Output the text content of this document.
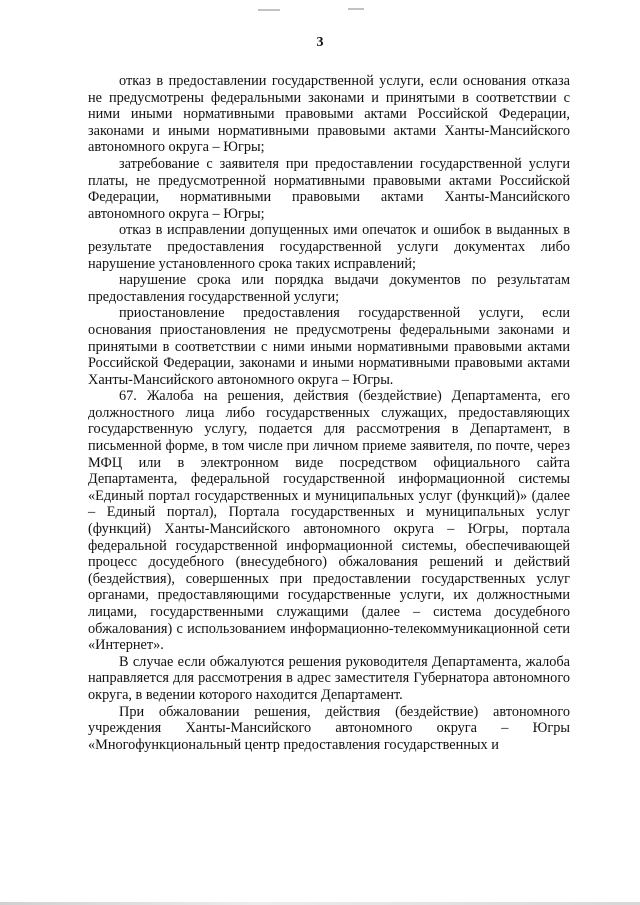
3

отказ в предоставлении государственной услуги, если основания отказа не предусмотрены федеральными законами и принятыми в соответствии с ними иными нормативными правовыми актами Российской Федерации, законами и иными нормативными правовыми актами Ханты-Мансийского автономного округа – Югры;

затребование с заявителя при предоставлении государственной услуги платы, не предусмотренной нормативными правовыми актами Российской Федерации, нормативными правовыми актами Ханты-Мансийского автономного округа – Югры;

отказ в исправлении допущенных ими опечаток и ошибок в выданных в результате предоставления государственной услуги документах либо нарушение установленного срока таких исправлений;

нарушение срока или порядка выдачи документов по результатам предоставления государственной услуги;

приостановление предоставления государственной услуги, если основания приостановления не предусмотрены федеральными законами и принятыми в соответствии с ними иными нормативными правовыми актами Российской Федерации, законами и иными нормативными правовыми актами Ханты-Мансийского автономного округа – Югры.

67. Жалоба на решения, действия (бездействие) Департамента, его должностного лица либо государственных служащих, предоставляющих государственную услугу, подается для рассмотрения в Департамент, в письменной форме, в том числе при личном приеме заявителя, по почте, через МФЦ или в электронном виде посредством официального сайта Департамента, федеральной государственной информационной системы «Единый портал государственных и муниципальных услуг (функций)» (далее – Единый портал), Портала государственных и муниципальных услуг (функций) Ханты-Мансийского автономного округа – Югры, портала федеральной государственной информационной системы, обеспечивающей процесс досудебного (внесудебного) обжалования решений и действий (бездействия), совершенных при предоставлении государственных услуг органами, предоставляющими государственные услуги, их должностными лицами, государственными служащими (далее – система досудебного обжалования) с использованием информационно-телекоммуникационной сети «Интернет».

В случае если обжалуются решения руководителя Департамента, жалоба направляется для рассмотрения в адрес заместителя Губернатора автономного округа, в ведении которого находится Департамент.

При обжаловании решения, действия (бездействие) автономного учреждения Ханты-Мансийского автономного округа – Югры «Многофункциональный центр предоставления государственных и
